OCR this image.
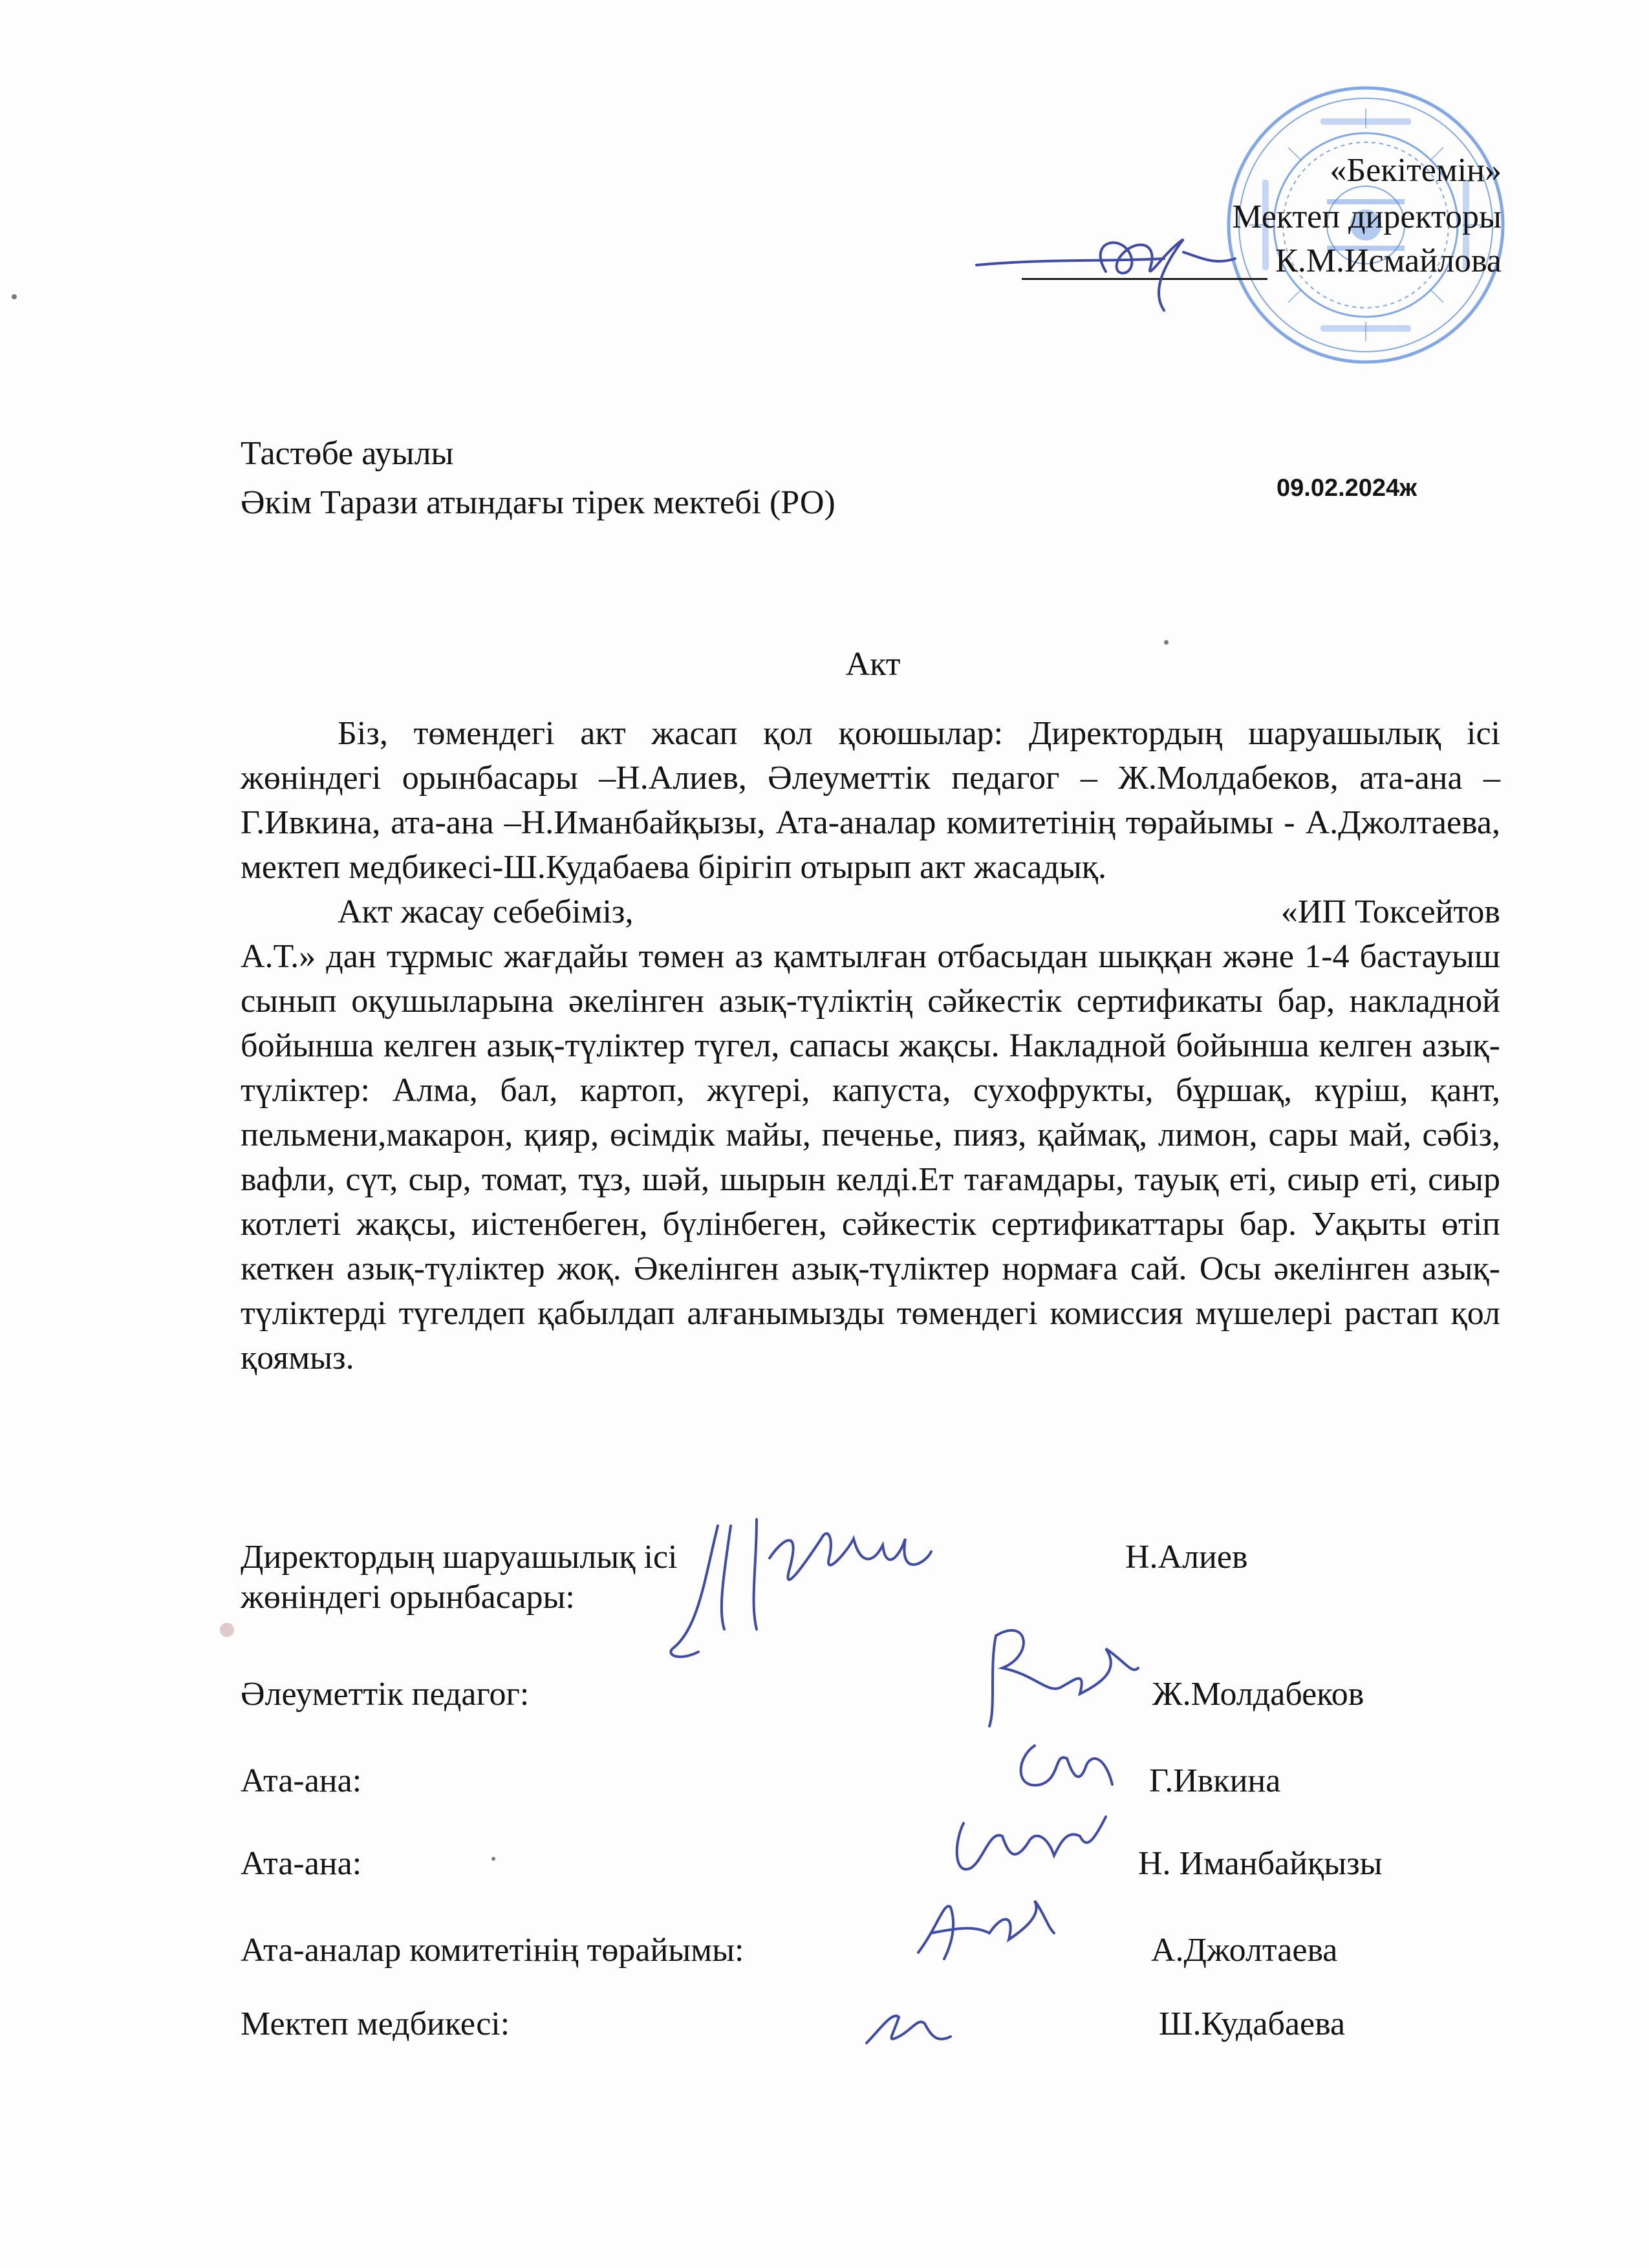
«Бекітемін»
Мектеп директоры
К.М.Исмайлова
Тастөбе ауылы
Әкім Тарази атындағы тірек мектебі (РО)	09.02.2024ж
Акт

Біз, төмендегі акт жасап қол қоюшылар: Директордың шаруашылық ісі жөніндегі орынбасары –Н.Алиев, Әлеуметтік педагог – Ж.Молдабеков, ата-ана – Г.Ивкина, ата-ана –Н.Иманбайқызы, Ата-аналар комитетінің төрайымы - А.Джолтаева, мектеп медбикесі-Ш.Кудабаева бірігіп отырып акт жасадық.

Акт жасау себебіміз,	«ИП Токсейтов

А.Т.» дан тұрмыс жағдайы төмен аз қамтылған отбасыдан шыққан және 1-4 бастауыш сынып оқушыларына әкелінген азық-түліктің сәйкестік сертификаты бар, накладной бойынша келген азық-түліктер түгел, сапасы жақсы. Накладной бойынша келген азық-түліктер: Алма, бал, картоп, жүгері, капуста, сухофрукты, бұршақ, күріш, қант, пельмени,макарон, қияр, өсімдік майы, печенье, пияз, қаймақ, лимон, сары май, сәбіз, вафли, сүт, сыр, томат, тұз, шәй, шырын келді.Ет тағамдары, тауық еті, сиыр еті, сиыр котлеті жақсы, иістенбеген, бүлінбеген, сәйкестік сертификаттары бар. Уақыты өтіп кеткен азық-түліктер жоқ. Әкелінген азық-түліктер нормаға сай. Осы әкелінген азық-түліктерді түгелдеп қабылдап алғанымызды төмендегі комиссия мүшелері растап қол қоямыз.

Директордың шаруашылық ісі
жөніндегі орынбасары:
Н.Алиев
Әлеуметтік педагог:	Ж.Молдабеков
Ата-ана:	Г.Ивкина
Ата-ана:	Н. Иманбайқызы
Ата-аналар комитетінің төрайымы:	А.Джолтаева
Мектеп медбикесі:	Ш.Кудабаева
